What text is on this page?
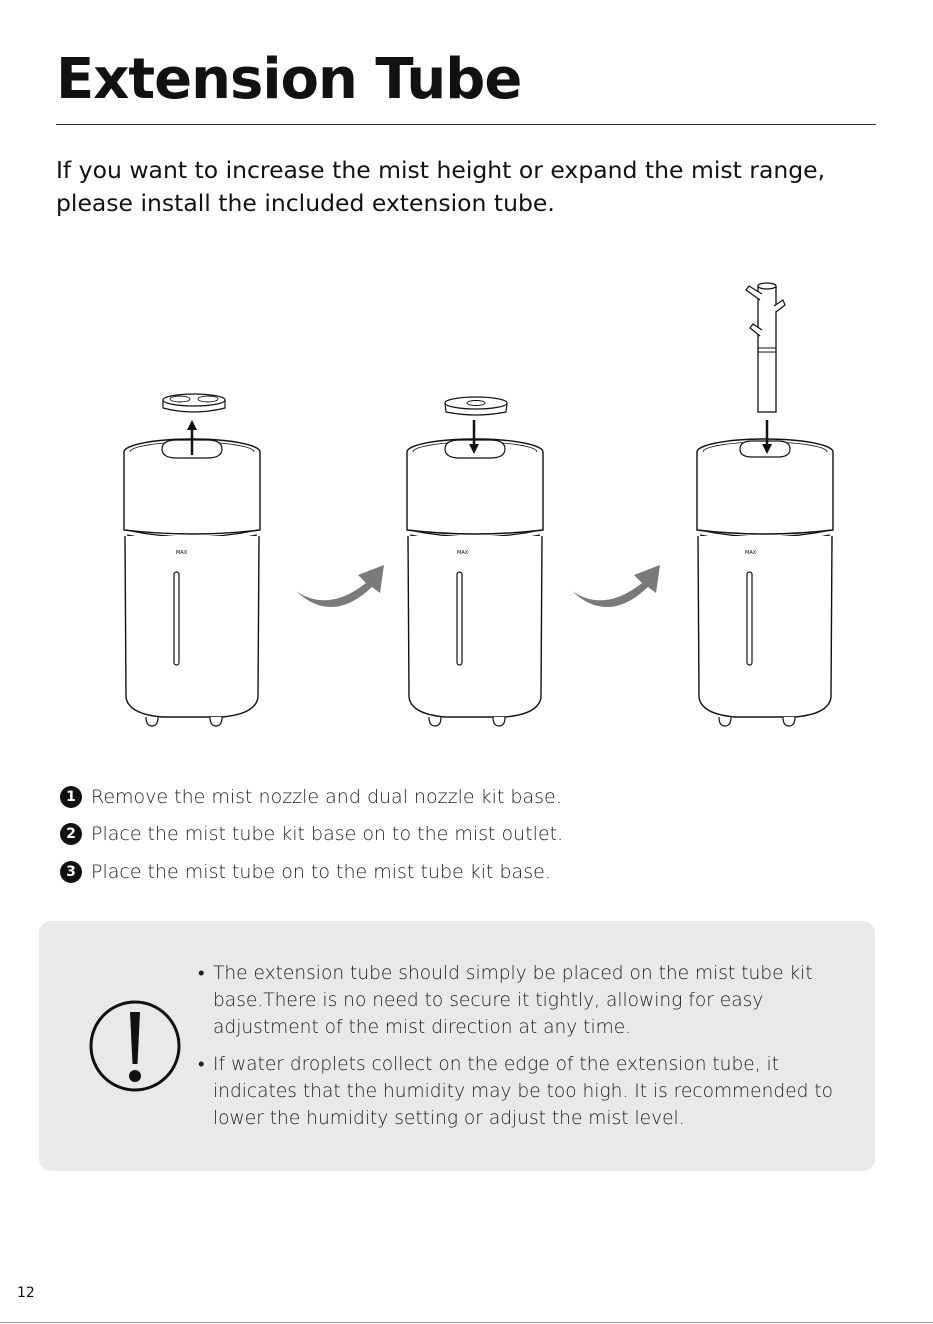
Extension Tube

If you want to increase the mist height or expand the mist range, please install the included extension tube.

MAX	MAX	MAX
1 Remove the mist nozzle and dual nozzle kit base.
2 Place the mist tube kit base on to the mist outlet.
3 Place the mist tube on to the mist tube kit base.
• The extension tube should simply be placed on the mist tube kit base.There is no need to secure it tightly, allowing for easy adjustment of the mist direction at any time.
• If water droplets collect on the edge of the extension tube, it indicates that the humidity may be too high. It is recommended to lower the humidity setting or adjust the mist level.
12
